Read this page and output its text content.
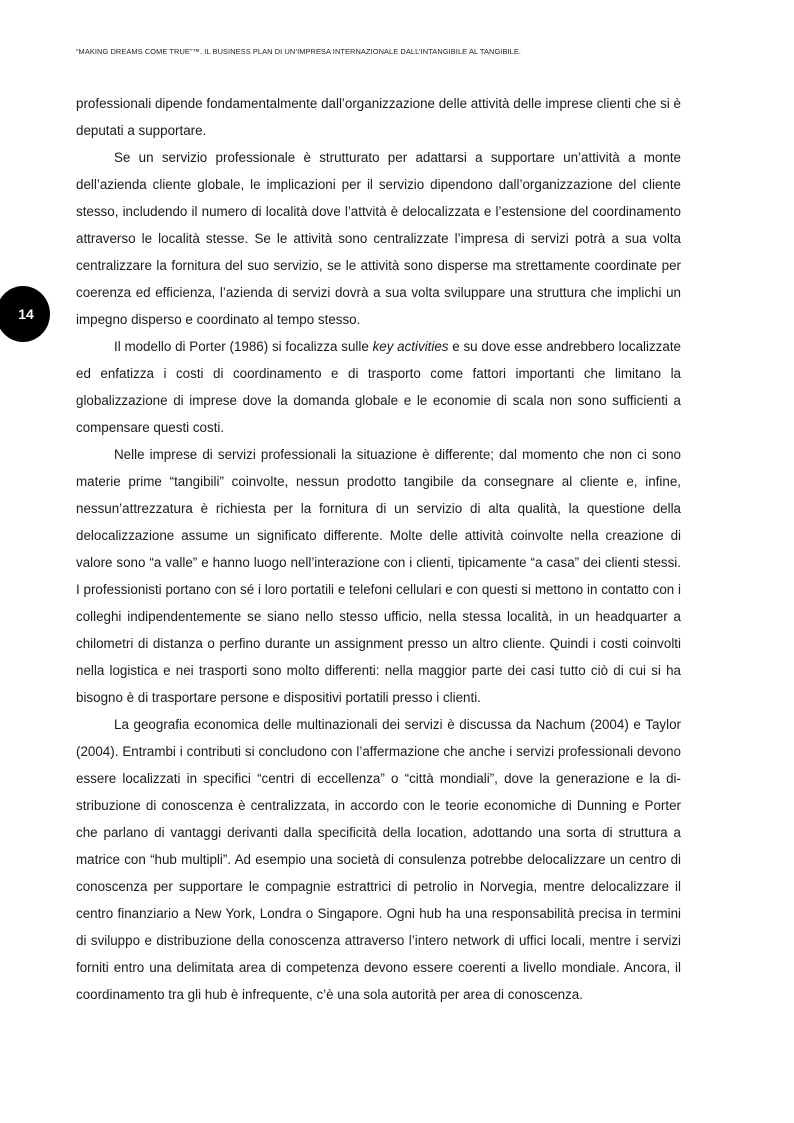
“MAKING DREAMS COME TRUE”™. IL BUSINESS PLAN DI UN’IMPRESA INTERNAZIONALE DALL’INTANGIBILE AL TANGIBILE.
14

professionali dipende fondamentalmente dall’organizzazione delle attività delle imprese clienti che si è deputati a supportare.

Se un servizio professionale è strutturato per adattarsi a supportare un’attività a monte dell’azienda cliente globale, le implicazioni per il servizio dipendono dall’organizzazione del cliente stesso, includendo il numero di località dove l’attvità è delocalizzata e l’estensione del coordinamento attraverso le località stesse. Se le attività sono centralizzate l’impresa di servizi potrà a sua volta centralizzare la fornitura del suo servizio, se le attività sono disperse ma strettamente coordinate per coerenza ed efficienza, l’azienda di servizi dovrà a sua volta sviluppare una struttura che implichi un impegno disperso e coordinato al tempo stesso.

Il modello di Porter (1986) si focalizza sulle key activities e su dove esse andrebbero localizzate ed enfatizza i costi di coordinamento e di trasporto come fattori importanti che limitano la globalizzazione di imprese dove la domanda globale e le economie di scala non sono sufficienti a compensare questi costi.

Nelle imprese di servizi professionali la situazione è differente; dal momento che non ci sono materie prime “tangibili” coinvolte, nessun prodotto tangibile da consegnare al cliente e, infine, nessun’attrezzatura è richiesta per la fornitura di un servizio di alta qualità, la questione della delocalizzazione assume un significato differente. Molte delle attività coinvolte nella creazione di valore sono “a valle” e hanno luogo nell’interazione con i clienti, tipicamente “a casa” dei clienti stessi. I professionisti portano con sé i loro portatili e telefoni cellulari e con questi si mettono in contatto con i colleghi indipendentemente se siano nello stesso ufficio, nella stessa località, in un headquarter a chilometri di distanza o perfino durante un assignment presso un altro cliente. Quindi i costi coinvolti nella logistica e nei trasporti sono molto differenti: nella maggior parte dei casi tutto ciò di cui si ha bisogno è di trasportare persone e dispositivi portatili presso i clienti.

La geografia economica delle multinazionali dei servizi è discussa da Nachum (2004) e Taylor (2004). Entrambi i contributi si concludono con l’affermazione che anche i servizi professionali devono essere localizzati in specifici “centri di eccellenza” o “città mondiali”, dove la generazione e la distribuzione di conoscenza è centralizzata, in accordo con le teorie economiche di Dunning e Porter che parlano di vantaggi derivanti dalla specificità della location, adottando una sorta di struttura a matrice con “hub multipli”. Ad esempio una società di consulenza potrebbe delocalizzare un centro di conoscenza per supportare le compagnie estrattrici di petrolio in Norvegia, mentre delocalizzare il centro finanziario a New York, Londra o Singapore. Ogni hub ha una responsabilità precisa in termini di sviluppo e distribuzione della conoscenza attraverso l’intero network di uffici locali, mentre i servizi forniti entro una delimitata area di competenza devono essere coerenti a livello mondiale. Ancora, il coordinamento tra gli hub è infrequente, c’è una sola autorità per area di conoscenza.
